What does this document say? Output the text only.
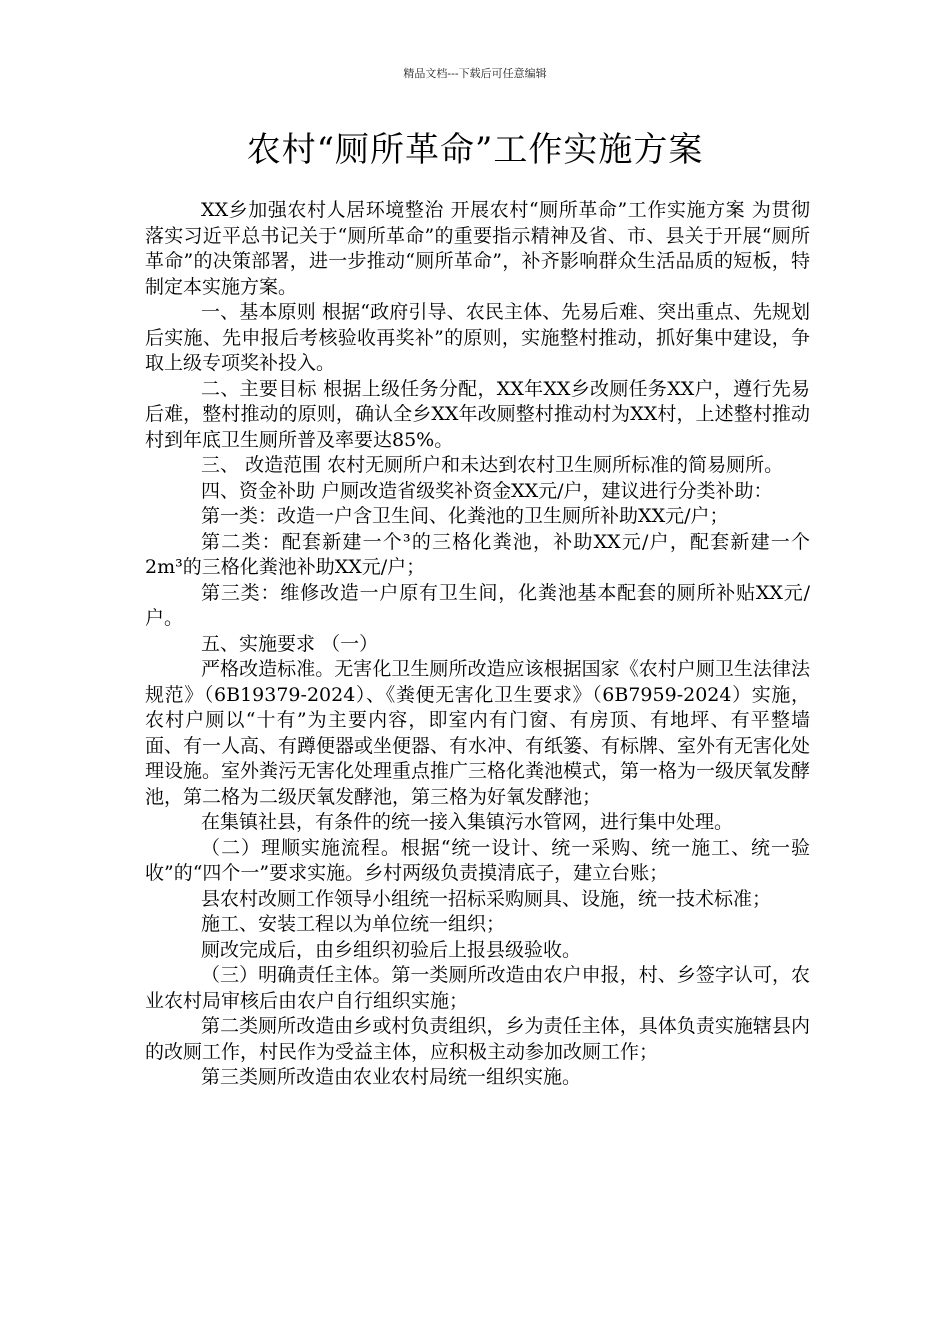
精品文档---下载后可任意编辑
农村“厕所革命”工作实施方案

XX乡加强农村人居环境整治 开展农村“厕所革命”工作实施方案 为贯彻落实习近平总书记关于“厕所革命”的重要指示精神及省、市、县关于开展“厕所革命”的决策部署，进一步推动“厕所革命”，补齐影响群众生活品质的短板，特制定本实施方案。

一、基本原则 根据“政府引导、农民主体、先易后难、突出重点、先规划后实施、先申报后考核验收再奖补”的原则，实施整村推动，抓好集中建设，争取上级专项奖补投入。

二、主要目标 根据上级任务分配，XX年XX乡改厕任务XX户，遵行先易后难，整村推动的原则，确认全乡XX年改厕整村推动村为XX村，上述整村推动村到年底卫生厕所普及率要达85%。

三、 改造范围 农村无厕所户和未达到农村卫生厕所标准的简易厕所。

四、资金补助 户厕改造省级奖补资金XX元/户，建议进行分类补助：

第一类：改造一户含卫生间、化粪池的卫生厕所补助XX元/户；

第二类：配套新建一个³的三格化粪池，补助XX元/户，配套新建一个2m³的三格化粪池补助XX元/户；

第三类：维修改造一户原有卫生间，化粪池基本配套的厕所补贴XX元/户。

五、实施要求 （一）

严格改造标准。无害化卫生厕所改造应该根据国家《农村户厕卫生法律法规范》（6B19379-2024）、《粪便无害化卫生要求》（6B7959-2024）实施，农村户厕以“十有”为主要内容，即室内有门窗、有房顶、有地坪、有平整墙面、有一人高、有蹲便器或坐便器、有水冲、有纸篓、有标牌、室外有无害化处理设施。室外粪污无害化处理重点推广三格化粪池模式，第一格为一级厌氧发酵池，第二格为二级厌氧发酵池，第三格为好氧发酵池；

在集镇社县，有条件的统一接入集镇污水管网，进行集中处理。

（二）理顺实施流程。根据“统一设计、统一采购、统一施工、统一验收”的“四个一”要求实施。乡村两级负责摸清底子，建立台账；

县农村改厕工作领导小组统一招标采购厕具、设施，统一技术标准；

施工、安装工程以为单位统一组织；

厕改完成后，由乡组织初验后上报县级验收。

（三）明确责任主体。第一类厕所改造由农户申报，村、乡签字认可，农业农村局审核后由农户自行组织实施；

第二类厕所改造由乡或村负责组织，乡为责任主体，具体负责实施辖县内的改厕工作，村民作为受益主体，应积极主动参加改厕工作；

第三类厕所改造由农业农村局统一组织实施。
